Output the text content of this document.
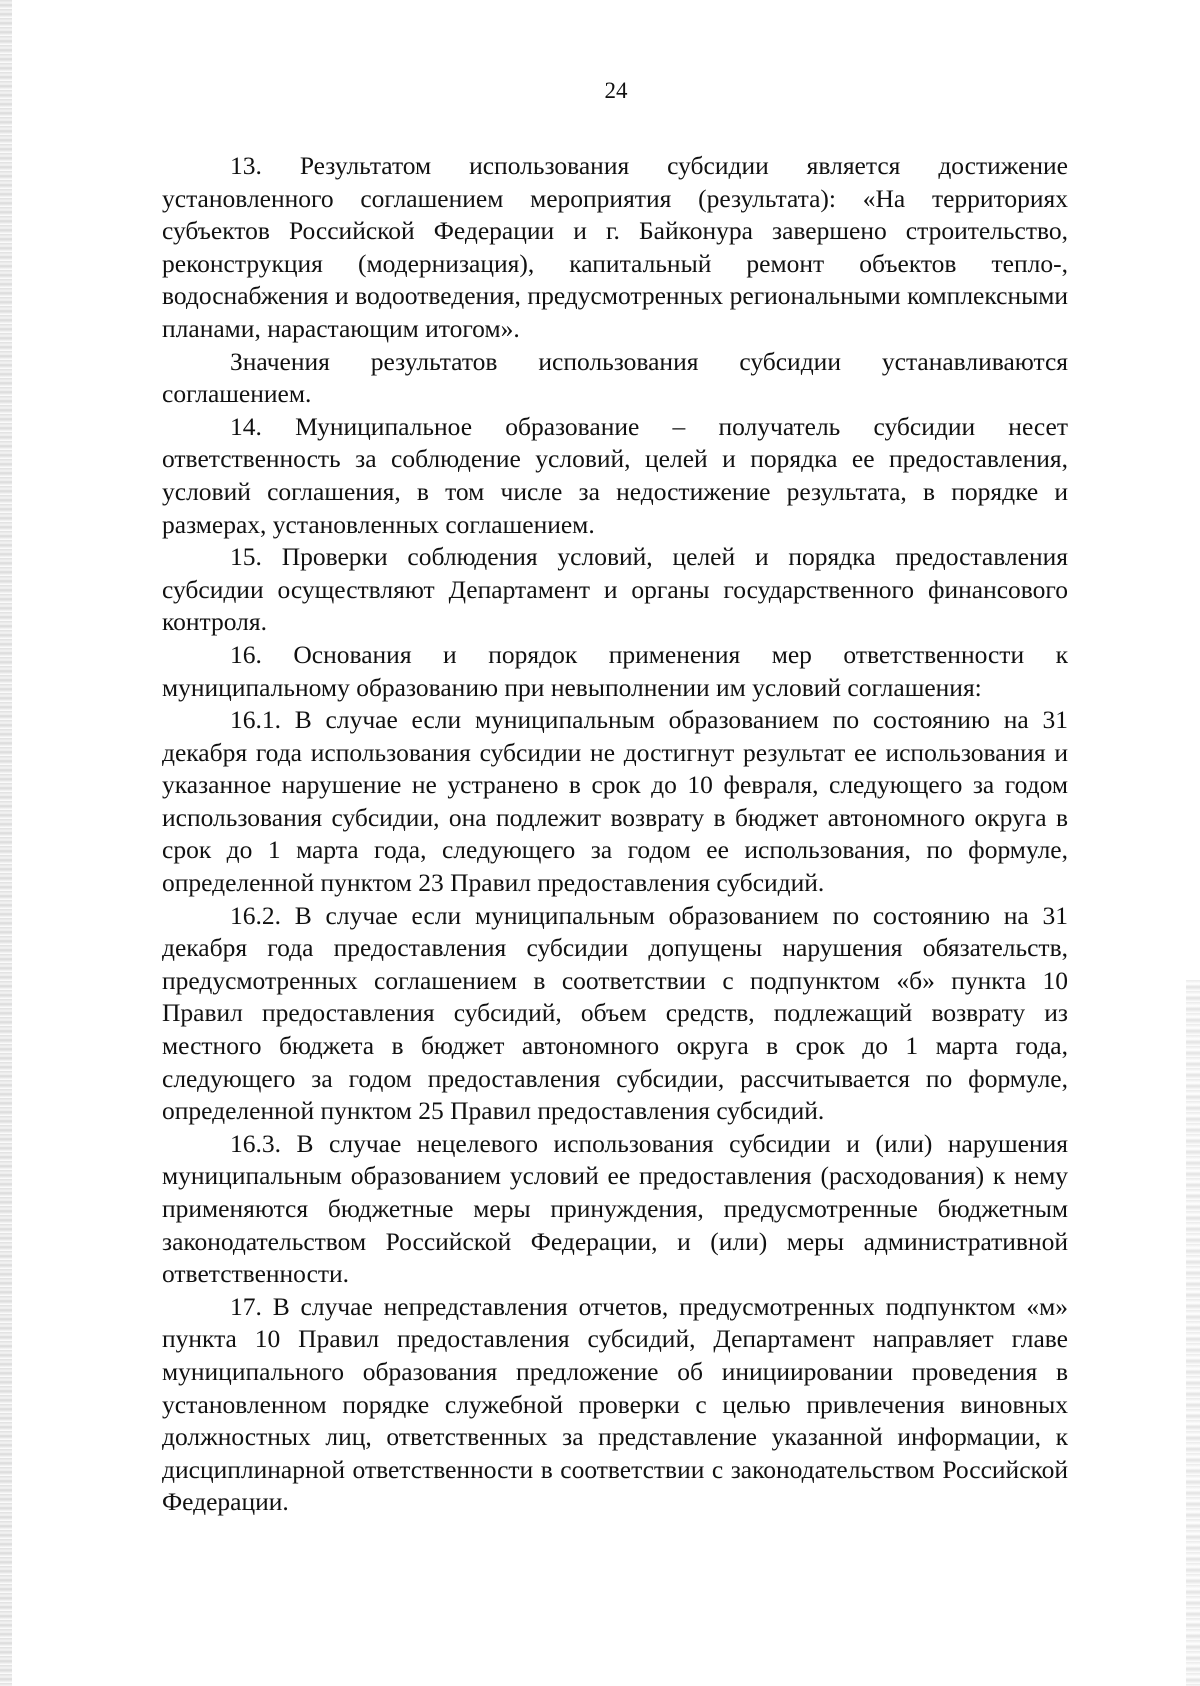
24

13. Результатом использования субсидии является достижение установленного соглашением мероприятия (результата): «На территориях субъектов Российской Федерации и г. Байконура завершено строительство, реконструкция (модернизация), капитальный ремонт объектов тепло-, водоснабжения и водоотведения, предусмотренных региональными комплексными планами, нарастающим итогом».

Значения результатов использования субсидии устанавливаются соглашением.

14. Муниципальное образование – получатель субсидии несет ответственность за соблюдение условий, целей и порядка ее предоставления, условий соглашения, в том числе за недостижение результата, в порядке и размерах, установленных соглашением.

15. Проверки соблюдения условий, целей и порядка предоставления субсидии осуществляют Департамент и органы государственного финансового контроля.

16. Основания и порядок применения мер ответственности к муниципальному образованию при невыполнении им условий соглашения:

16.1. В случае если муниципальным образованием по состоянию на 31 декабря года использования субсидии не достигнут результат ее использования и указанное нарушение не устранено в срок до 10 февраля, следующего за годом использования субсидии, она подлежит возврату в бюджет автономного округа в срок до 1 марта года, следующего за годом ее использования, по формуле, определенной пунктом 23 Правил предоставления субсидий.

16.2. В случае если муниципальным образованием по состоянию на 31 декабря года предоставления субсидии допущены нарушения обязательств, предусмотренных соглашением в соответствии с подпунктом «б» пункта 10 Правил предоставления субсидий, объем средств, подлежащий возврату из местного бюджета в бюджет автономного округа в срок до 1 марта года, следующего за годом предоставления субсидии, рассчитывается по формуле, определенной пунктом 25 Правил предоставления субсидий.

16.3. В случае нецелевого использования субсидии и (или) нарушения муниципальным образованием условий ее предоставления (расходования) к нему применяются бюджетные меры принуждения, предусмотренные бюджетным законодательством Российской Федерации, и (или) меры административной ответственности.

17. В случае непредставления отчетов, предусмотренных подпунктом «м» пункта 10 Правил предоставления субсидий, Департамент направляет главе муниципального образования предложение об инициировании проведения в установленном порядке служебной проверки с целью привлечения виновных должностных лиц, ответственных за представление указанной информации, к дисциплинарной ответственности в соответствии с законодательством Российской Федерации.
